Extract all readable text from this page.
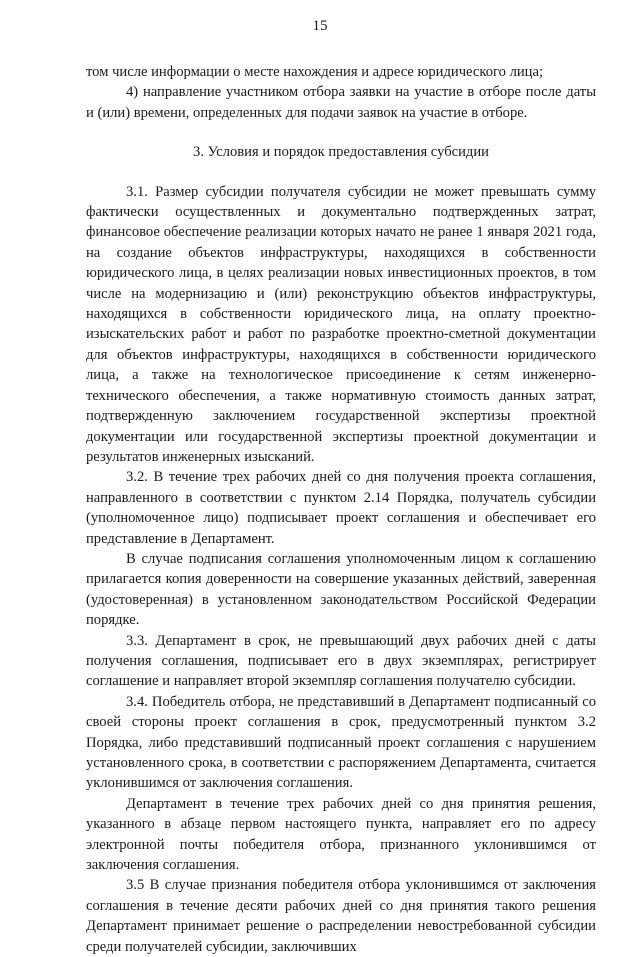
15

том числе информации о месте нахождения и адресе юридического лица;

4) направление участником отбора заявки на участие в отборе после даты и (или) времени, определенных для подачи заявок на участие в отборе.

3. Условия и порядок предоставления субсидии

3.1. Размер субсидии получателя субсидии не может превышать сумму фактически осуществленных и документально подтвержденных затрат, финансовое обеспечение реализации которых начато не ранее 1 января 2021 года, на создание объектов инфраструктуры, находящихся в собственности юридического лица, в целях реализации новых инвестиционных проектов, в том числе на модернизацию и (или) реконструкцию объектов инфраструктуры, находящихся в собственности юридического лица, на оплату проектно-изыскательских работ и работ по разработке проектно-сметной документации для объектов инфраструктуры, находящихся в собственности юридического лица, а также на технологическое присоединение к сетям инженерно-технического обеспечения, а также нормативную стоимость данных затрат, подтвержденную заключением государственной экспертизы проектной документации или государственной экспертизы проектной документации и результатов инженерных изысканий.

3.2. В течение трех рабочих дней со дня получения проекта соглашения, направленного в соответствии с пунктом 2.14 Порядка, получатель субсидии (уполномоченное лицо) подписывает проект соглашения и обеспечивает его представление в Департамент.

В случае подписания соглашения уполномоченным лицом к соглашению прилагается копия доверенности на совершение указанных действий, заверенная (удостоверенная) в установленном законодательством Российской Федерации порядке.

3.3. Департамент в срок, не превышающий двух рабочих дней с даты получения соглашения, подписывает его в двух экземплярах, регистрирует соглашение и направляет второй экземпляр соглашения получателю субсидии.

3.4. Победитель отбора, не представивший в Департамент подписанный со своей стороны проект соглашения в срок, предусмотренный пунктом 3.2 Порядка, либо представивший подписанный проект соглашения с нарушением установленного срока, в соответствии с распоряжением Департамента, считается уклонившимся от заключения соглашения.

Департамент в течение трех рабочих дней со дня принятия решения, указанного в абзаце первом настоящего пункта, направляет его по адресу электронной почты победителя отбора, признанного уклонившимся от заключения соглашения.

3.5 В случае признания победителя отбора уклонившимся от заключения соглашения в течение десяти рабочих дней со дня принятия такого решения Департамент принимает решение о распределении невостребованной субсидии среди получателей субсидии, заключивших
